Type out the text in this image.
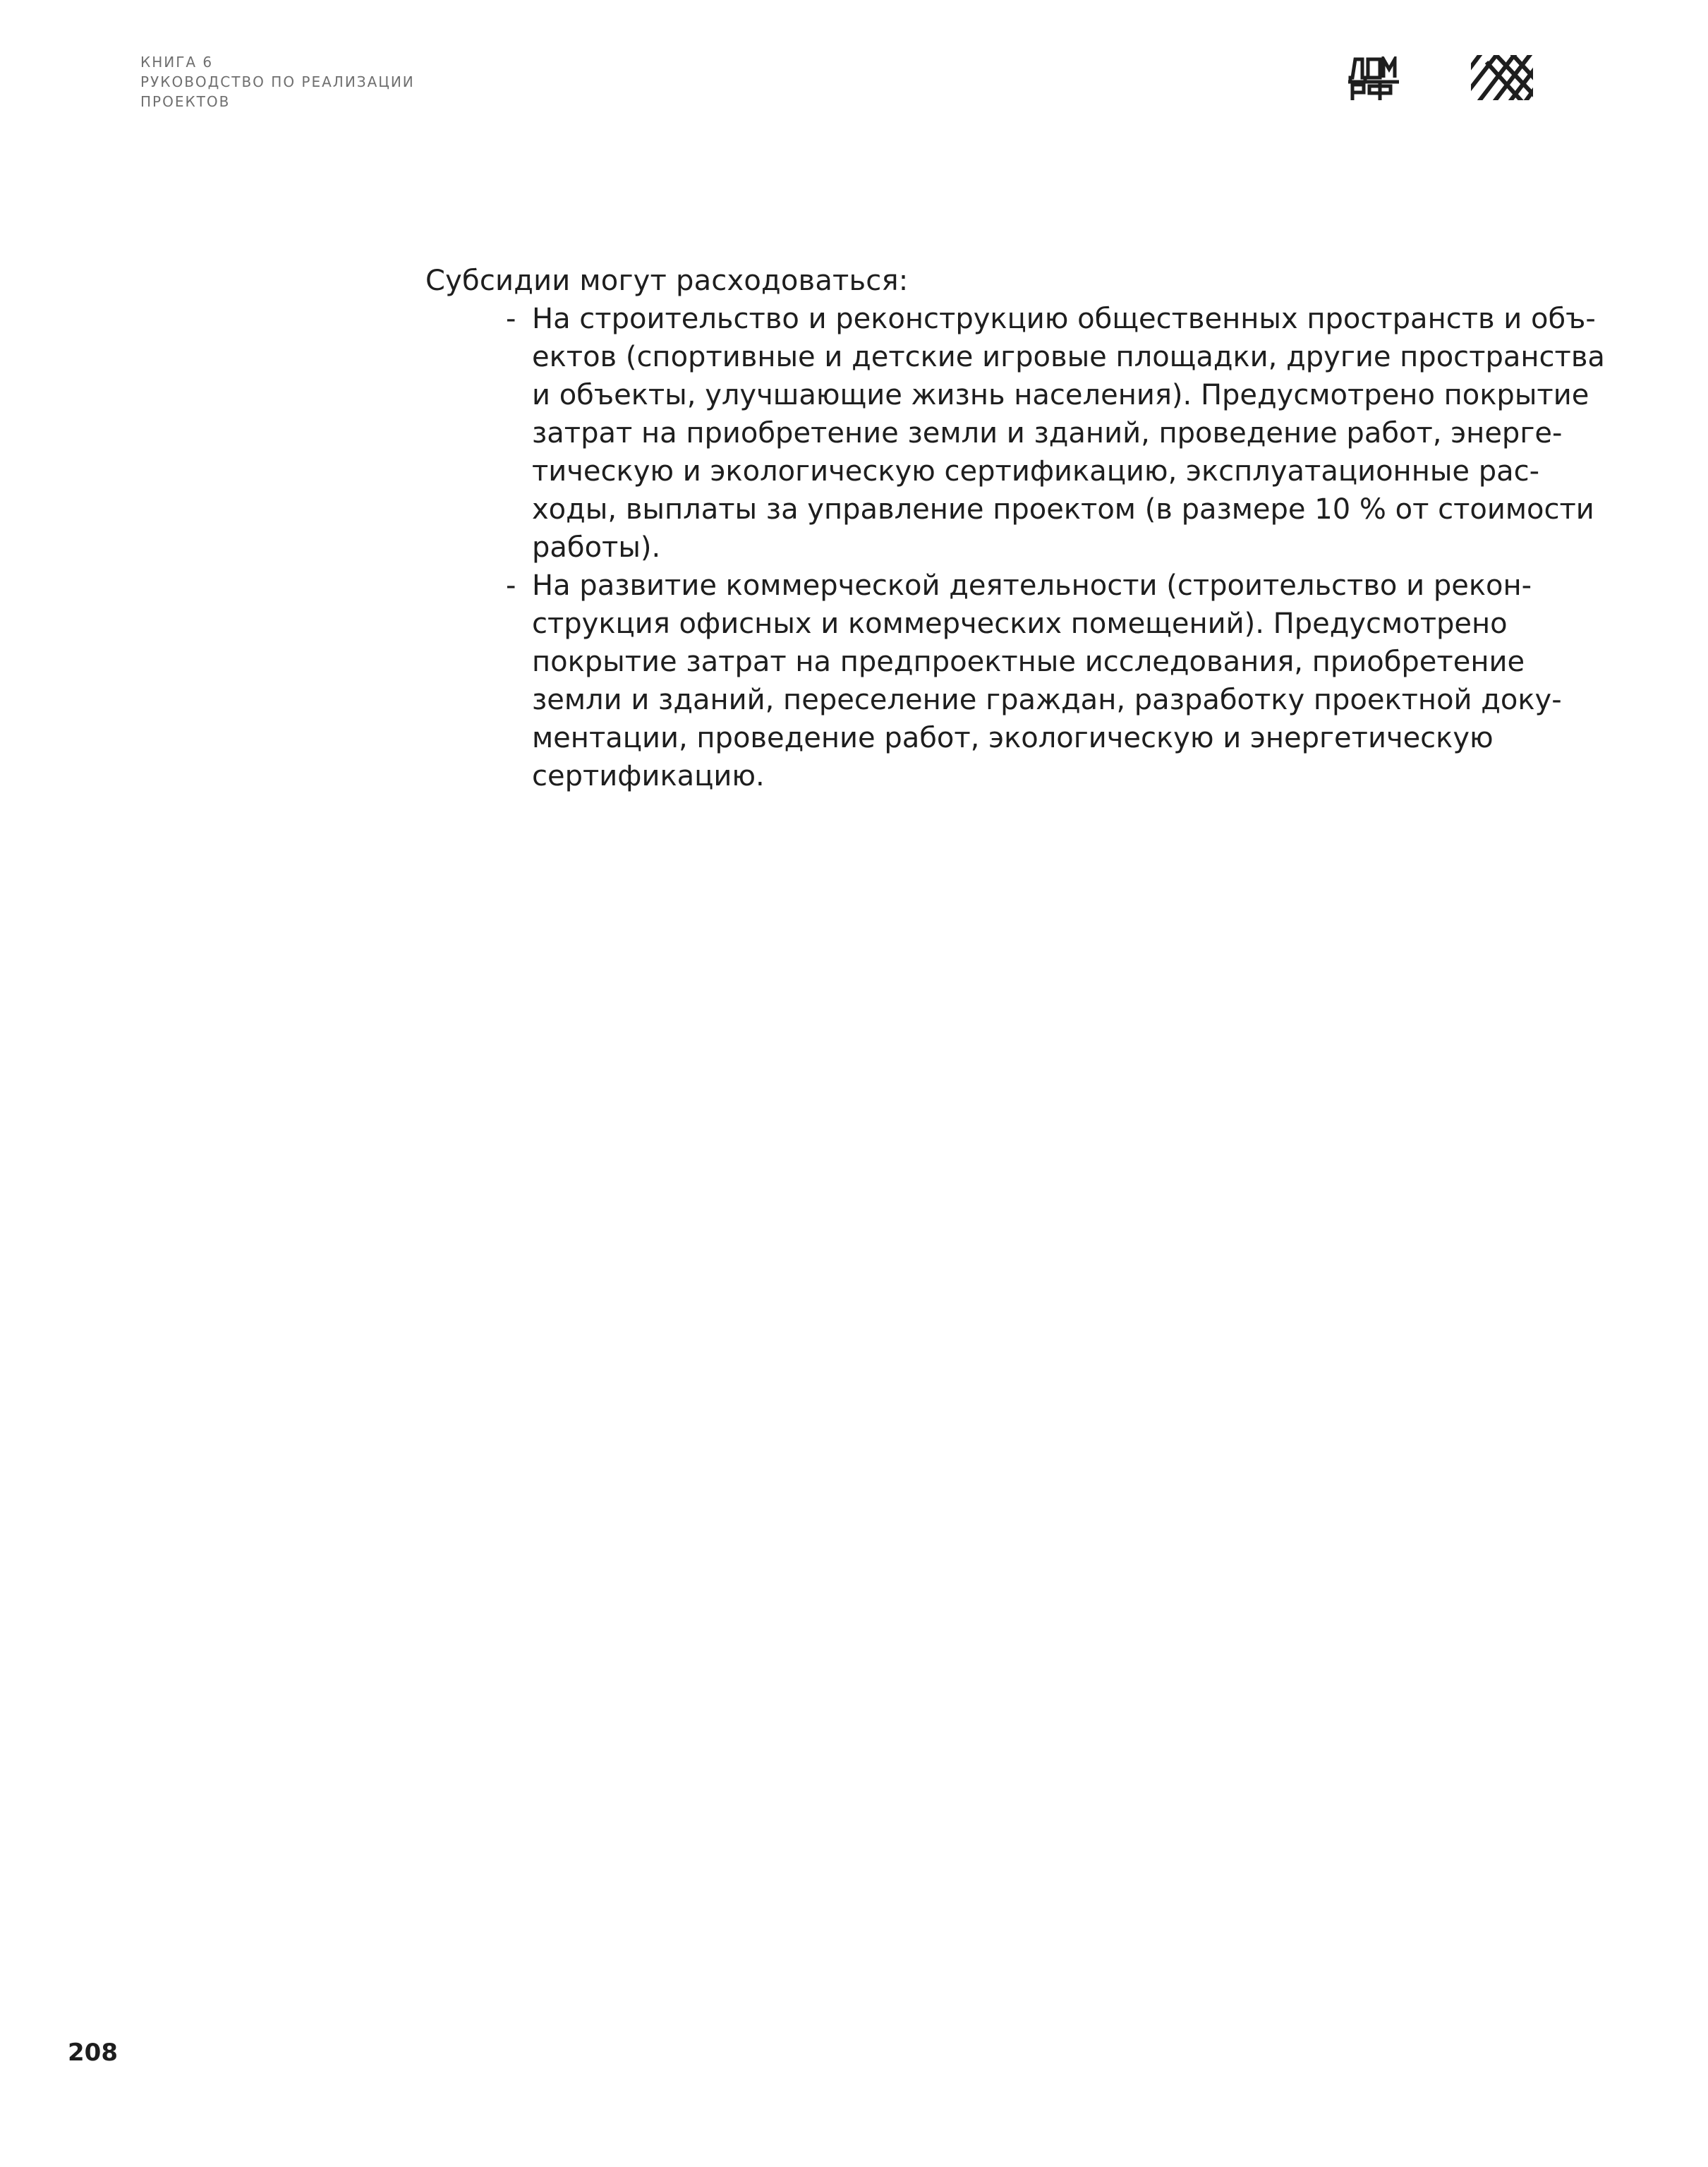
КНИГА 6
РУКОВОДСТВО ПО РЕАЛИЗАЦИИ
ПРОЕКТОВ
Субсидии могут расходоваться:
- На строительство и реконструкцию общественных пространств и объ-
ектов (спортивные и детские игровые площадки, другие пространства
и объекты, улучшающие жизнь населения). Предусмотрено покрытие
затрат на приобретение земли и зданий, проведение работ, энерге-
тическую и экологическую сертификацию, эксплуатационные рас-
ходы, выплаты за управление проектом (в размере 10 % от стоимости
работы).
- На развитие коммерческой деятельности (строительство и рекон-
струкция офисных и коммерческих помещений). Предусмотрено
покрытие затрат на предпроектные исследования, приобретение
земли и зданий, переселение граждан, разработку проектной доку-
ментации, проведение работ, экологическую и энергетическую
сертификацию.
208
